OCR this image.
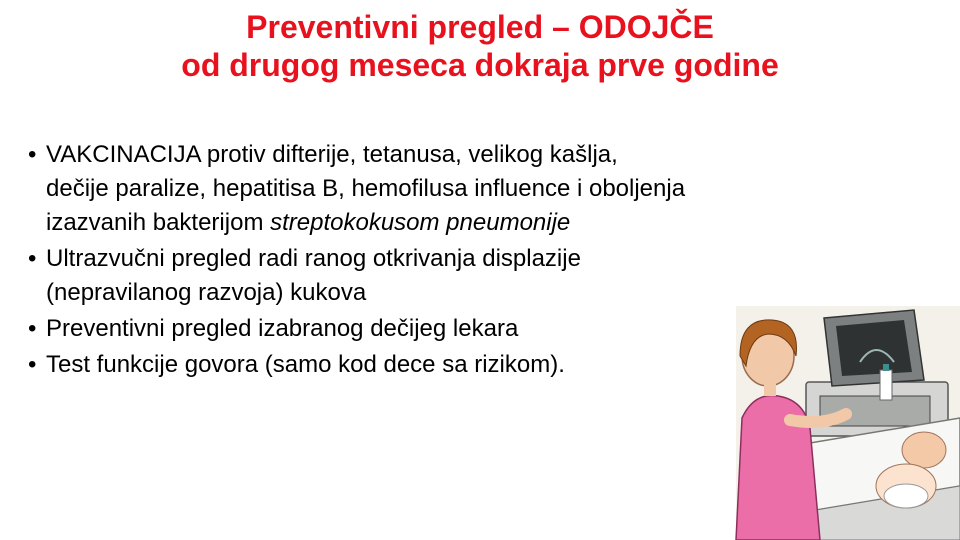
Preventivni pregled – ODOJČE
od drugog meseca dokraja prve godine
• VAKCINACIJA protiv difterije, tetanusa, velikog kašlja,
dečije paralize, hepatitisa B, hemofilusa influence i oboljenja
izazvanih bakterijom streptokokusom pneumonije
• Ultrazvučni pregled radi ranog otkrivanja displazije
(nepravilanog razvoja) kukova
• Preventivni pregled izabranog dečijeg lekara
• Test funkcije govora (samo kod dece sa rizikom).
